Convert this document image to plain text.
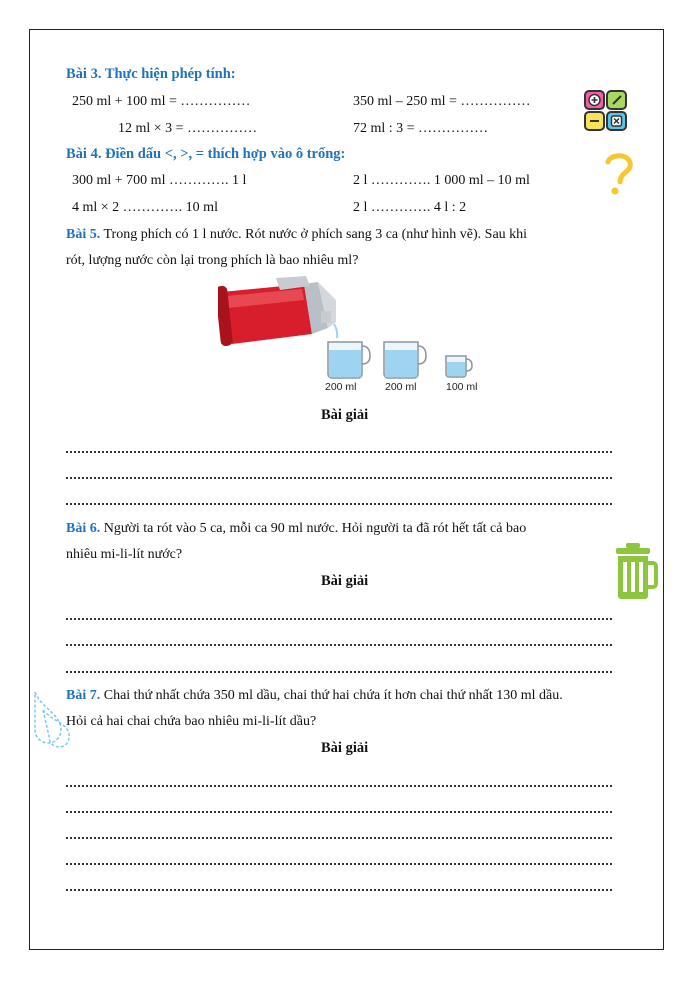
Bài 3. Thực hiện phép tính:
250 ml + 100 ml = ……………	350 ml – 250 ml = ……………
12 ml × 3 = ……………	72 ml : 3 = ……………
Bài 4. Điền dấu <, >, = thích hợp vào ô trống:
300 ml + 700 ml …………. 1 l	2 l …………. 1 000 ml – 10 ml
4 ml × 2 …………. 10 ml	2 l …………. 4 l : 2
Bài 5. Trong phích có 1 l nước. Rót nước ở phích sang 3 ca (như hình vẽ). Sau khi
rót, lượng nước còn lại trong phích là bao nhiêu ml?
200 ml	200 ml	100 ml
Bài giải
Bài 6. Người ta rót vào 5 ca, mỗi ca 90 ml nước. Hỏi người ta đã rót hết tất cả bao
nhiêu mi-li-lít nước?
Bài giải
Bài 7. Chai thứ nhất chứa 350 ml dầu, chai thứ hai chứa ít hơn chai thứ nhất 130 ml dầu.
Hỏi cả hai chai chứa bao nhiêu mi-li-lít dầu?
Bài giải
